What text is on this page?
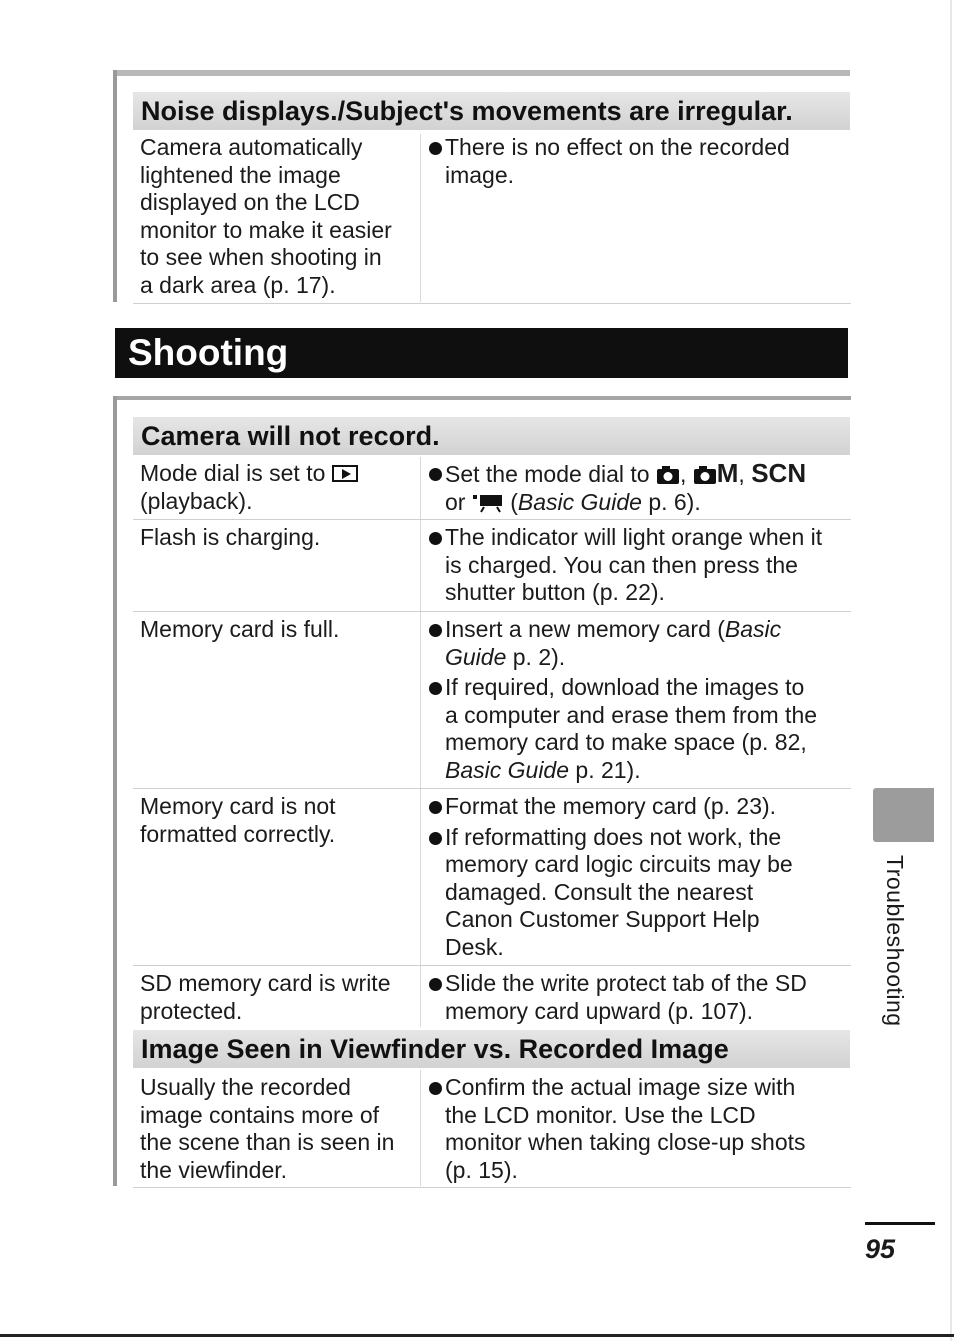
Noise displays./Subject's movements are irregular.
Camera automatically
lightened the image
displayed on the LCD
monitor to make it easier
to see when shooting in
a dark area (p. 17).
There is no effect on the recorded
image.
Shooting
Camera will not record.
Mode dial is set to
(playback).
Set the mode dial to , M, SCN
or  (Basic Guide p. 6).
Flash is charging.	The indicator will light orange when it
is charged. You can then press the
shutter button (p. 22).
Memory card is full.	Insert a new memory card (Basic
Guide p. 2).
If required, download the images to
a computer and erase them from the
memory card to make space (p. 82,
Basic Guide p. 21).
Memory card is not
formatted correctly.
Format the memory card (p. 23).
If reformatting does not work, the
memory card logic circuits may be
damaged. Consult the nearest
Canon Customer Support Help
Desk.
SD memory card is write
protected.
Slide the write protect tab of the SD
memory card upward (p. 107).
Image Seen in Viewfinder vs. Recorded Image
Usually the recorded
image contains more of
the scene than is seen in
the viewfinder.
Confirm the actual image size with
the LCD monitor. Use the LCD
monitor when taking close-up shots
(p. 15).
Troubleshooting
95
